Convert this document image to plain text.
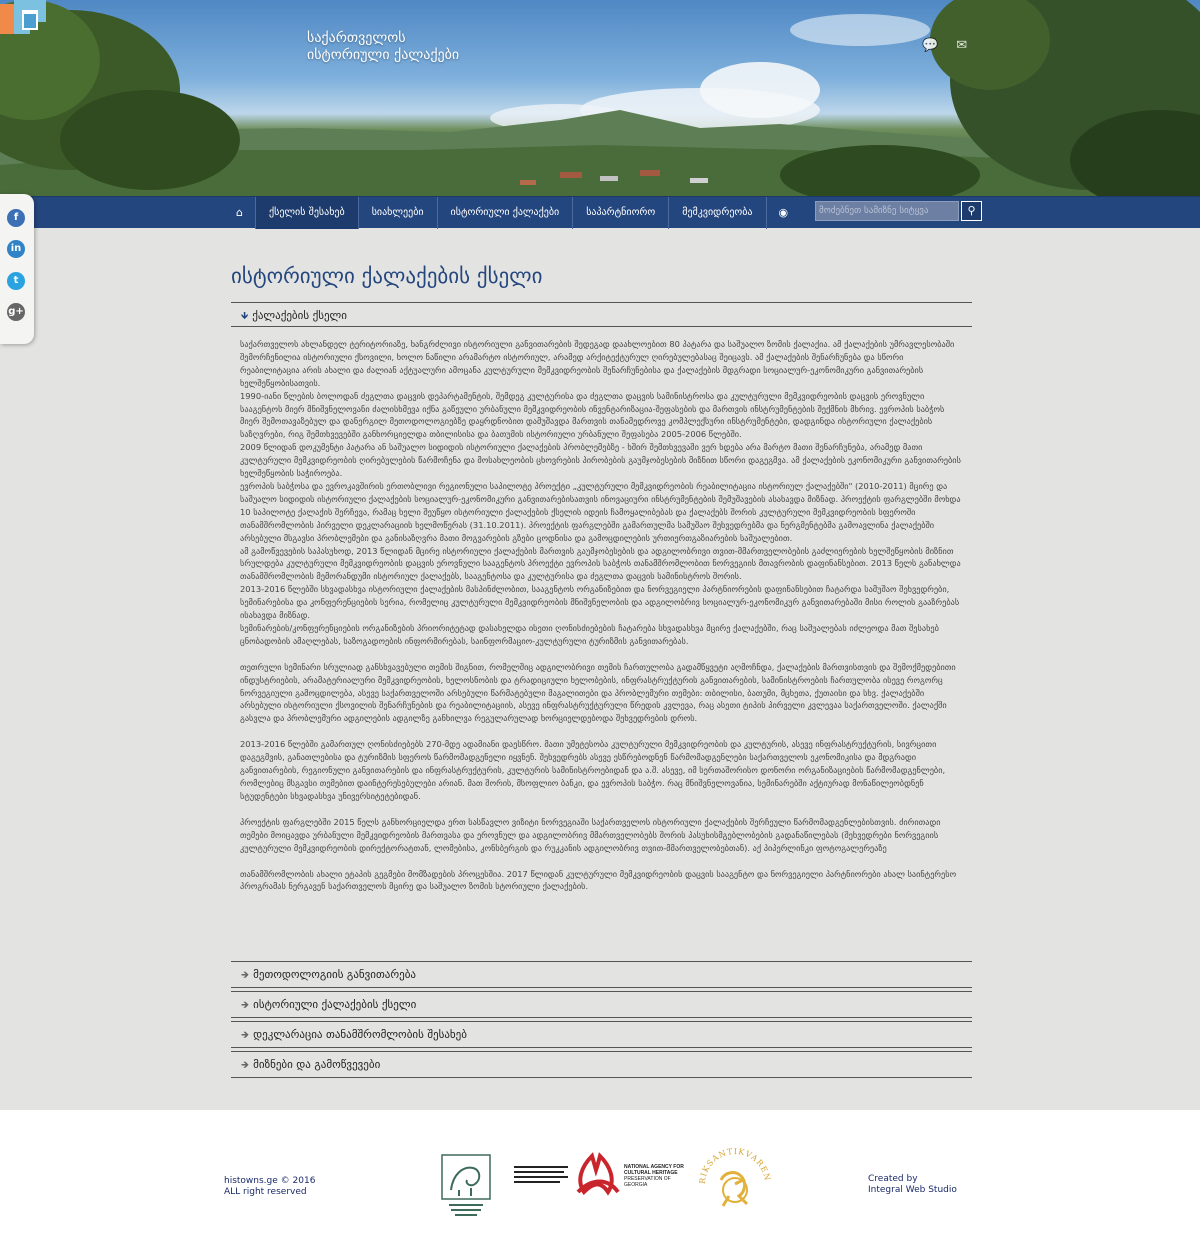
საქართველოს
ისტორიული ქალაქები
💬 ✉
⌂	ქსელის შესახებ	სიახლეები	ისტორიული ქალაქები	საპარტნიორო	მემკვიდრეობა	◉	მოძებნეთ სამიზნე სიტყვა	⚲
f
in
t
g+
ისტორიული ქალაქების ქსელი
🡻 ქალაქების ქსელი

საქართველოს ახლანდელ ტერიტორიაზე, ხანგრძლივი ისტორიული განვითარების შედეგად დაახლოებით 80 პატარა და საშუალო ზომის ქალაქია. ამ ქალაქების უმრავლესობაში შემორჩენილია ისტორიული ქსოვილი, ხოლო ნაწილი არამარტო ისტორიულ, არამედ არქიტექტურულ ღირებულებასაც შეიცავს. ამ ქალაქების შენარჩუნება და სწორი რეაბილიტაცია არის ახალი და ძალიან აქტუალური ამოცანა კულტურული მემკვიდრეობის შენარჩუნებისა და ქალაქების მდგრადი სოციალურ-ეკონომიკური განვითარების ხელშეწყობისათვის.

1990-იანი წლების ბოლოდან ძეგლთა დაცვის დეპარტამენტის, შემდეგ კულტურისა და ძეგლთა დაცვის სამინისტროსა და კულტურული მემკვიდრეობის დაცვის ეროვნული სააგენტოს მიერ მნიშვნელოვანი ძალისხმევა იქნა გაწეული ურბანული მემკვიდრეობის ინვენტარიზაცია-შეფასების და მართვის ინსტრუმენტების შექმნის მხრივ. ევროპის საბჭოს მიერ შემოთავაზებულ და დანერგილ მეთოდოლოგიებზე დაყრდნობით დამუშავდა მართვის თანამედროვე კომპლექსური ინსტრუმენტები, დადგინდა ისტორიული ქალაქების საზღვრები, რიგ შემთხვევებში განხორციელდა თბილისისა და ბათუმის ისტორიული ურბანული შეფასება 2005-2006 წლებში.

2009 წლიდან დოკუმენტი პატარა ან საშუალო სიდიდის ისტორიული ქალაქების პრობლემებზე - ხშირ შემთხვევაში ვერ ხდება არა მარტო მათი შენარჩუნება, არამედ მათი კულტურული მემკვიდრეობის ღირებულების წარმოჩენა და მოსახლეობის ცხოვრების პირობების გაუმჯობესების მიზნით სწორი დაგეგმვა. ამ ქალაქების ეკონომიკური განვითარების ხელშეწყობის საჭიროება.

ევროპის საბჭოსა და ევროკავშირის ერთობლივი რეგიონული საპილოტე პროექტი „კულტურული მემკვიდრეობის რეაბილიტაცია ისტორიულ ქალაქებში" (2010-2011) მცირე და საშუალო სიდიდის ისტორიული ქალაქების სოციალურ-ეკონომიკური განვითარებისათვის ინოვაციური ინსტრუმენტების შემუშავების ასახავდა მიზნად. პროექტის ფარგლებში მოხდა 10 საპილოტე ქალაქის შერჩევა, რამაც ხელი შეუწყო ისტორიული ქალაქების ქსელის იდეის ჩამოყალიბებას და ქალაქებს შორის კულტურული მემკვიდრეობის სფეროში თანამშრომლობის პირველი დეკლარაციის ხელმოწერას (31.10.2011). პროექტის ფარგლებში გამართულმა სამუშაო შეხვედრებმა და ნერგმენტებმა გამოავლინა ქალაქებში არსებული მსგავსი პრობლემები და განისაზღვრა მათი მოგვარების გზები ცოდნისა და გამოცდილების ურთიერთგაზიარების საშუალებით.

ამ გამოწვევების საპასუხოდ, 2013 წლიდან მცირე ისტორიული ქალაქების მართვის გაუმჯობესების და ადგილობრივი თვით-მმართველობების გაძლიერების ხელშეწყობის მიზნით სრულდება კულტურული მემკვიდრეობის დაცვის ეროვნული სააგენტოს პროექტი ევროპის საბჭოს თანამშრომლობით ნორვეგიის მთავრობის დაფინანსებით. 2013 წელს განახლდა თანამშრომლობის მემორანდუმი ისტორიულ ქალაქებს, სააგენტოსა და კულტურისა და ძეგლთა დაცვის სამინისტროს შორის.

2013-2016 წლებში სხვადასხვა ისტორიული ქალაქების მასპინძლობით, სააგენტოს ორგანიზებით და ნორვეგიელი პარტნიორების დაფინანსებით ჩატარდა სამუშაო შეხვედრები, სემინარებისა და კონფერენციების სერია, რომელიც კულტურული მემკვიდრეობის მნიშვნელობის და ადგილობრივ სოციალურ-ეკონომიკურ განვითარებაში მისი როლის გააზრებას ისახავდა მიზნად.

სემინარების/კონფერენციების ორგანიზების პრიორიტეტად დასახელდა ისეთი ღონისძიებების ჩატარება სხვადასხვა მცირე ქალაქებში, რაც საშუალებას იძლეოდა მათ შესახებ ცნობადობის ამაღლებას, საზოგადოების ინფორმირებას, საინფორმაციო-კულტურული ტურიზმის განვითარებას.

თეთრული სემინარი სრულიად განსხვავებული თემის შიგნით, რომელშიც ადგილობრივი თემის ჩართულობა გადამწყვეტი აღმოჩნდა, ქალაქების მართვისთვის და შემოქმედებითი ინდუსტრიების, არამატერიალური მემკვიდრეობის, ხელოსნობის და ტრადიციული ხელობების, ინფრასტრუქტურის განვითარების, სამინისტროების ჩართულობა ისევე როგორც ნორვეგიული გამოცდილება, ასევე საქართველოში არსებული წარმატებული მაგალითები და პრობლემური თემები: თბილისი, ბათუმი, მცხეთა, ქუთაისი და სხვ. ქალაქებში არსებული ისტორიული ქსოვილის შენარჩუნების და რეაბილიტაციის, ასევე ინფრასტრუქტურული წრედის კვლევა, რაც ასეთი ტიპის პირველი კვლევაა საქართველოში. ქალაქში გასვლა და პრობლემური ადგილების ადგილზე განხილვა რეგულარულად ხორციელდებოდა შეხვედრების დროს.

2013-2016 წლებში გამართულ ღონისძიებებს 270-მდე ადამიანი დაესწრო. მათი უმეტესობა კულტურული მემკვიდრეობის და კულტურის, ასევე ინფრასტრუქტურის, სივრცითი დაგეგმვის, განათლებისა და ტურიზმის სფეროს წარმომადგენელი იყვნენ. შეხვედრებს ასევე ესწრებოდნენ წარმომადგენლები საქართველოს ეკონომიკისა და მდგრადი განვითარების, რეგიონული განვითარების და ინფრასტრუქტურის, კულტურის სამინისტროებიდან და ა.შ. ასევე, იმ სერთაშორისო დონორი ორგანიზაციების წარმომადგენლები, რომლებიც მსგავსი თემებით დაინტერესებულები არიან. მათ შორის, მსოფლიო ბანკი, და ევროპის საბჭო. რაც მნიშვნელოვანია, სემინარებში აქტიურად მონაწილეობდნენ სტუდენტები სხვადასხვა უნივერსიტეტებიდან.

პროექტის ფარგლებში 2015 წელს განხორციელდა ერთ სასწავლო ვიზიტი ნორვეგიაში საქართველოს ისტორიული ქალაქების შერჩეული წარმომადგენლებისთვის. ძირითადი თემები მოიცავდა ურბანული მემკვიდრეობის მართვასა და ეროვნულ და ადგილობრივ მმართველობებს შორის პასუხისმგებლობების გადანაწილებას (შეხვედრები ნორვეგიის კულტურული მემკვიდრეობის დირექტორატთან, ლომებისა, კონსბერგის და რუკკანის ადგილობრივ თვით-მმართველობებთან). აქ პიპერლინკი ფოტოგალერეაზე

თანამშრომლობის ახალი ეტაპის გეგმები მომზადების პროცესშია. 2017 წლიდან კულტურული მემკვიდრეობის დაცვის სააგენტო და ნორვეგიელი პარტნიორები ახალ საინტერესო პროგრამას ნერგავენ საქართველოს მცირე და საშუალო ზომის სტორიული ქალაქების.

🡺 მეთოდოლოგიის განვითარება
🡺 ისტორიული ქალაქების ქსელი
🡺 დეკლარაცია თანამშრომლობის შესახებ
🡺 მიზნები და გამოწვევები
histowns.ge © 2016
ALL right reserved
NATIONAL AGENCY FOR
CULTURAL HERITAGE
PRESERVATION OF GEORGIA
RIKSANTIKVAREN	Created by
Integral Web Studio
